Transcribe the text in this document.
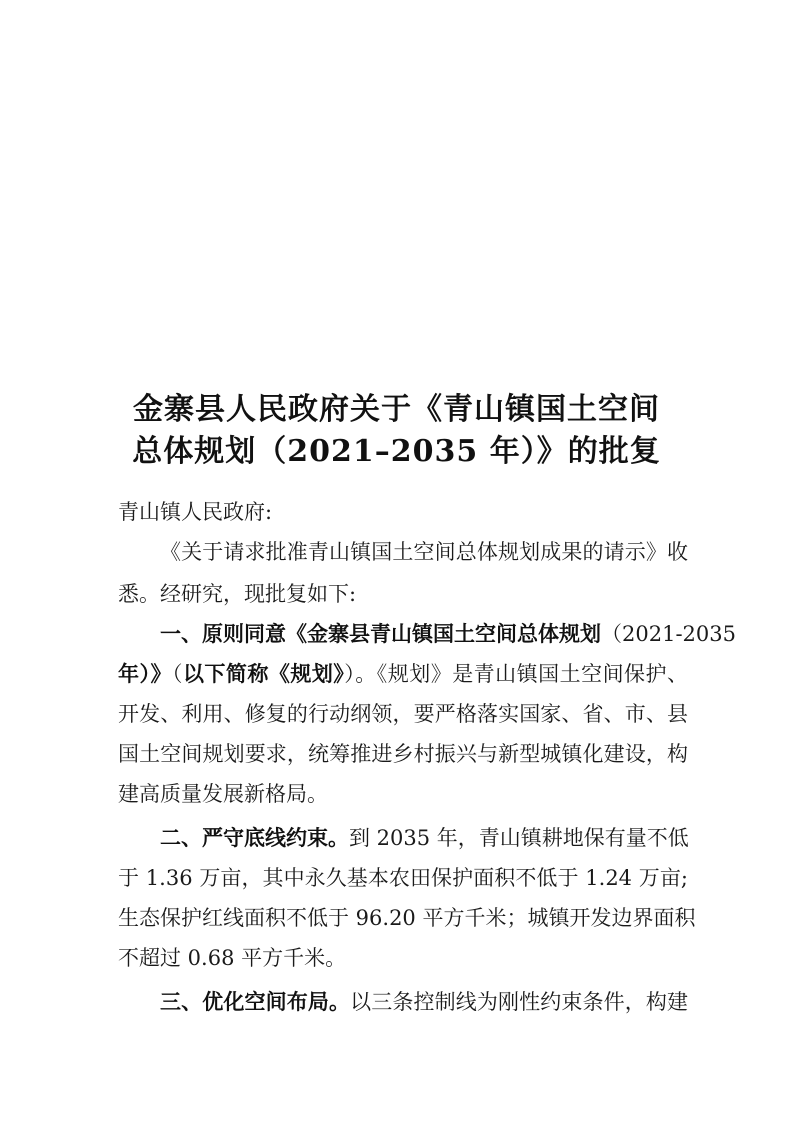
金寨县人民政府关于《青山镇国土空间
总体规划（2021–2035 年）》的批复
青山镇人民政府:
《关于请求批准青山镇国土空间总体规划成果的请示》收
悉。经研究，现批复如下:
一、原则同意《金寨县青山镇国土空间总体规划（2021-2035
年）》（以下简称《规划》）。《规划》是青山镇国土空间保护、
开发、利用、修复的行动纲领，要严格落实国家、省、市、县
国土空间规划要求，统筹推进乡村振兴与新型城镇化建设，构
建高质量发展新格局。
二、严守底线约束。到 2035 年，青山镇耕地保有量不低
于 1.36 万亩，其中永久基本农田保护面积不低于 1.24 万亩;
生态保护红线面积不低于 96.20 平方千米；城镇开发边界面积
不超过 0.68 平方千米。
三、优化空间布局。以三条控制线为刚性约束条件，构建
